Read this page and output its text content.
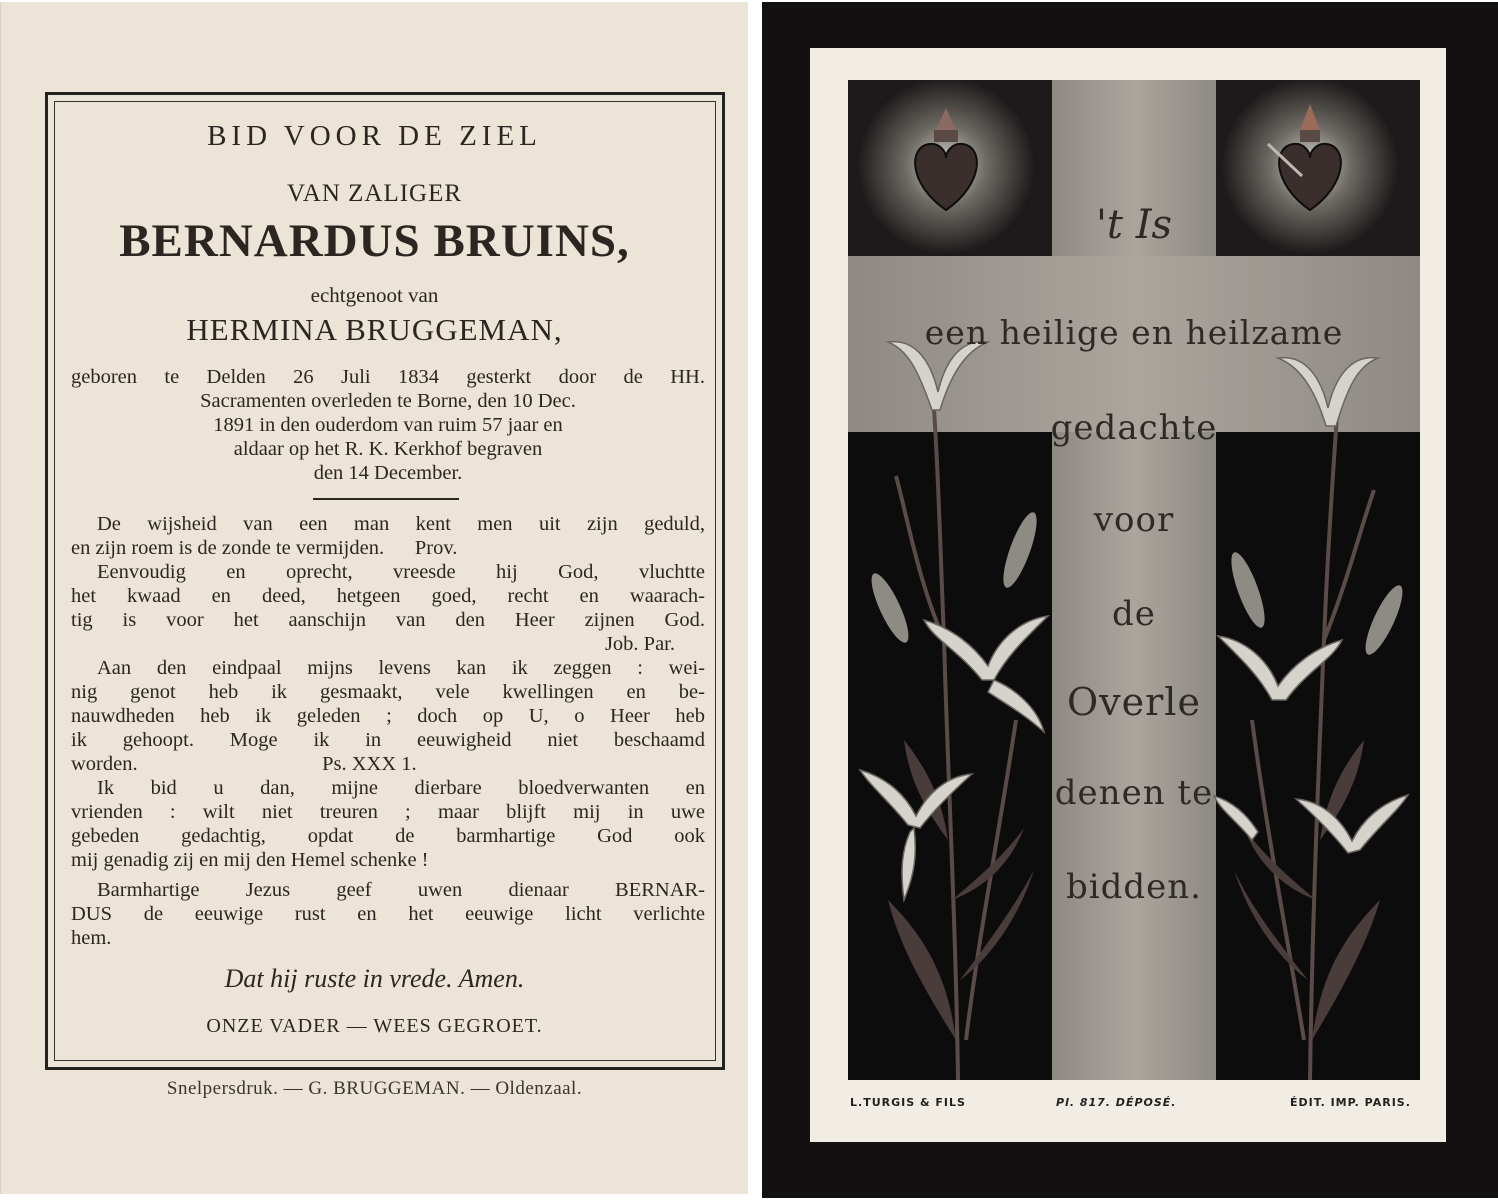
BID VOOR DE ZIEL
VAN ZALIGER
BERNARDUS BRUINS,
echtgenoot van
HERMINA BRUGGEMAN,
geboren te Delden 26 Juli 1834 gesterkt door de HH.
Sacramenten overleden te Borne, den 10 Dec.
1891 in den ouderdom van ruim 57 jaar en
aldaar op het R. K. Kerkhof begraven
den 14 December.
De wijsheid van een man kent men uit zijn geduld,
en zijn roem is de zonde te vermijden.      Prov.
Eenvoudig en oprecht, vreesde hij God, vluchtte
het kwaad en deed, hetgeen goed, recht en waarach-
tig is voor het aanschijn van den Heer zijnen God.
Job. Par.
Aan den eindpaal mijns levens kan ik zeggen : wei-
nig genot heb ik gesmaakt, vele kwellingen en be-
nauwdheden heb ik geleden ; doch op U, o Heer heb
ik gehoopt. Moge ik in eeuwigheid niet beschaamd
worden.                                    Ps. XXX 1.
Ik bid u dan, mijne dierbare bloedverwanten en
vrienden : wilt niet treuren ; maar blijft mij in uwe
gebeden gedachtig, opdat de barmhartige God ook
mij genadig zij en mij den Hemel schenke !
Barmhartige Jezus geef uwen dienaar BERNAR-
DUS de eeuwige rust en het eeuwige licht verlichte
hem.
Dat hij ruste in vrede. Amen.
ONZE VADER — WEES GEGROET.
Snelpersdruk. — G. BRUGGEMAN. — Oldenzaal.
't Is
een heilige en heilzame
gedachte
voor
de
Overle
denen te
bidden.
L.TURGIS & FILS	Pl. 817. DÉPOSÉ.	ÉDIT. IMP. PARIS.
